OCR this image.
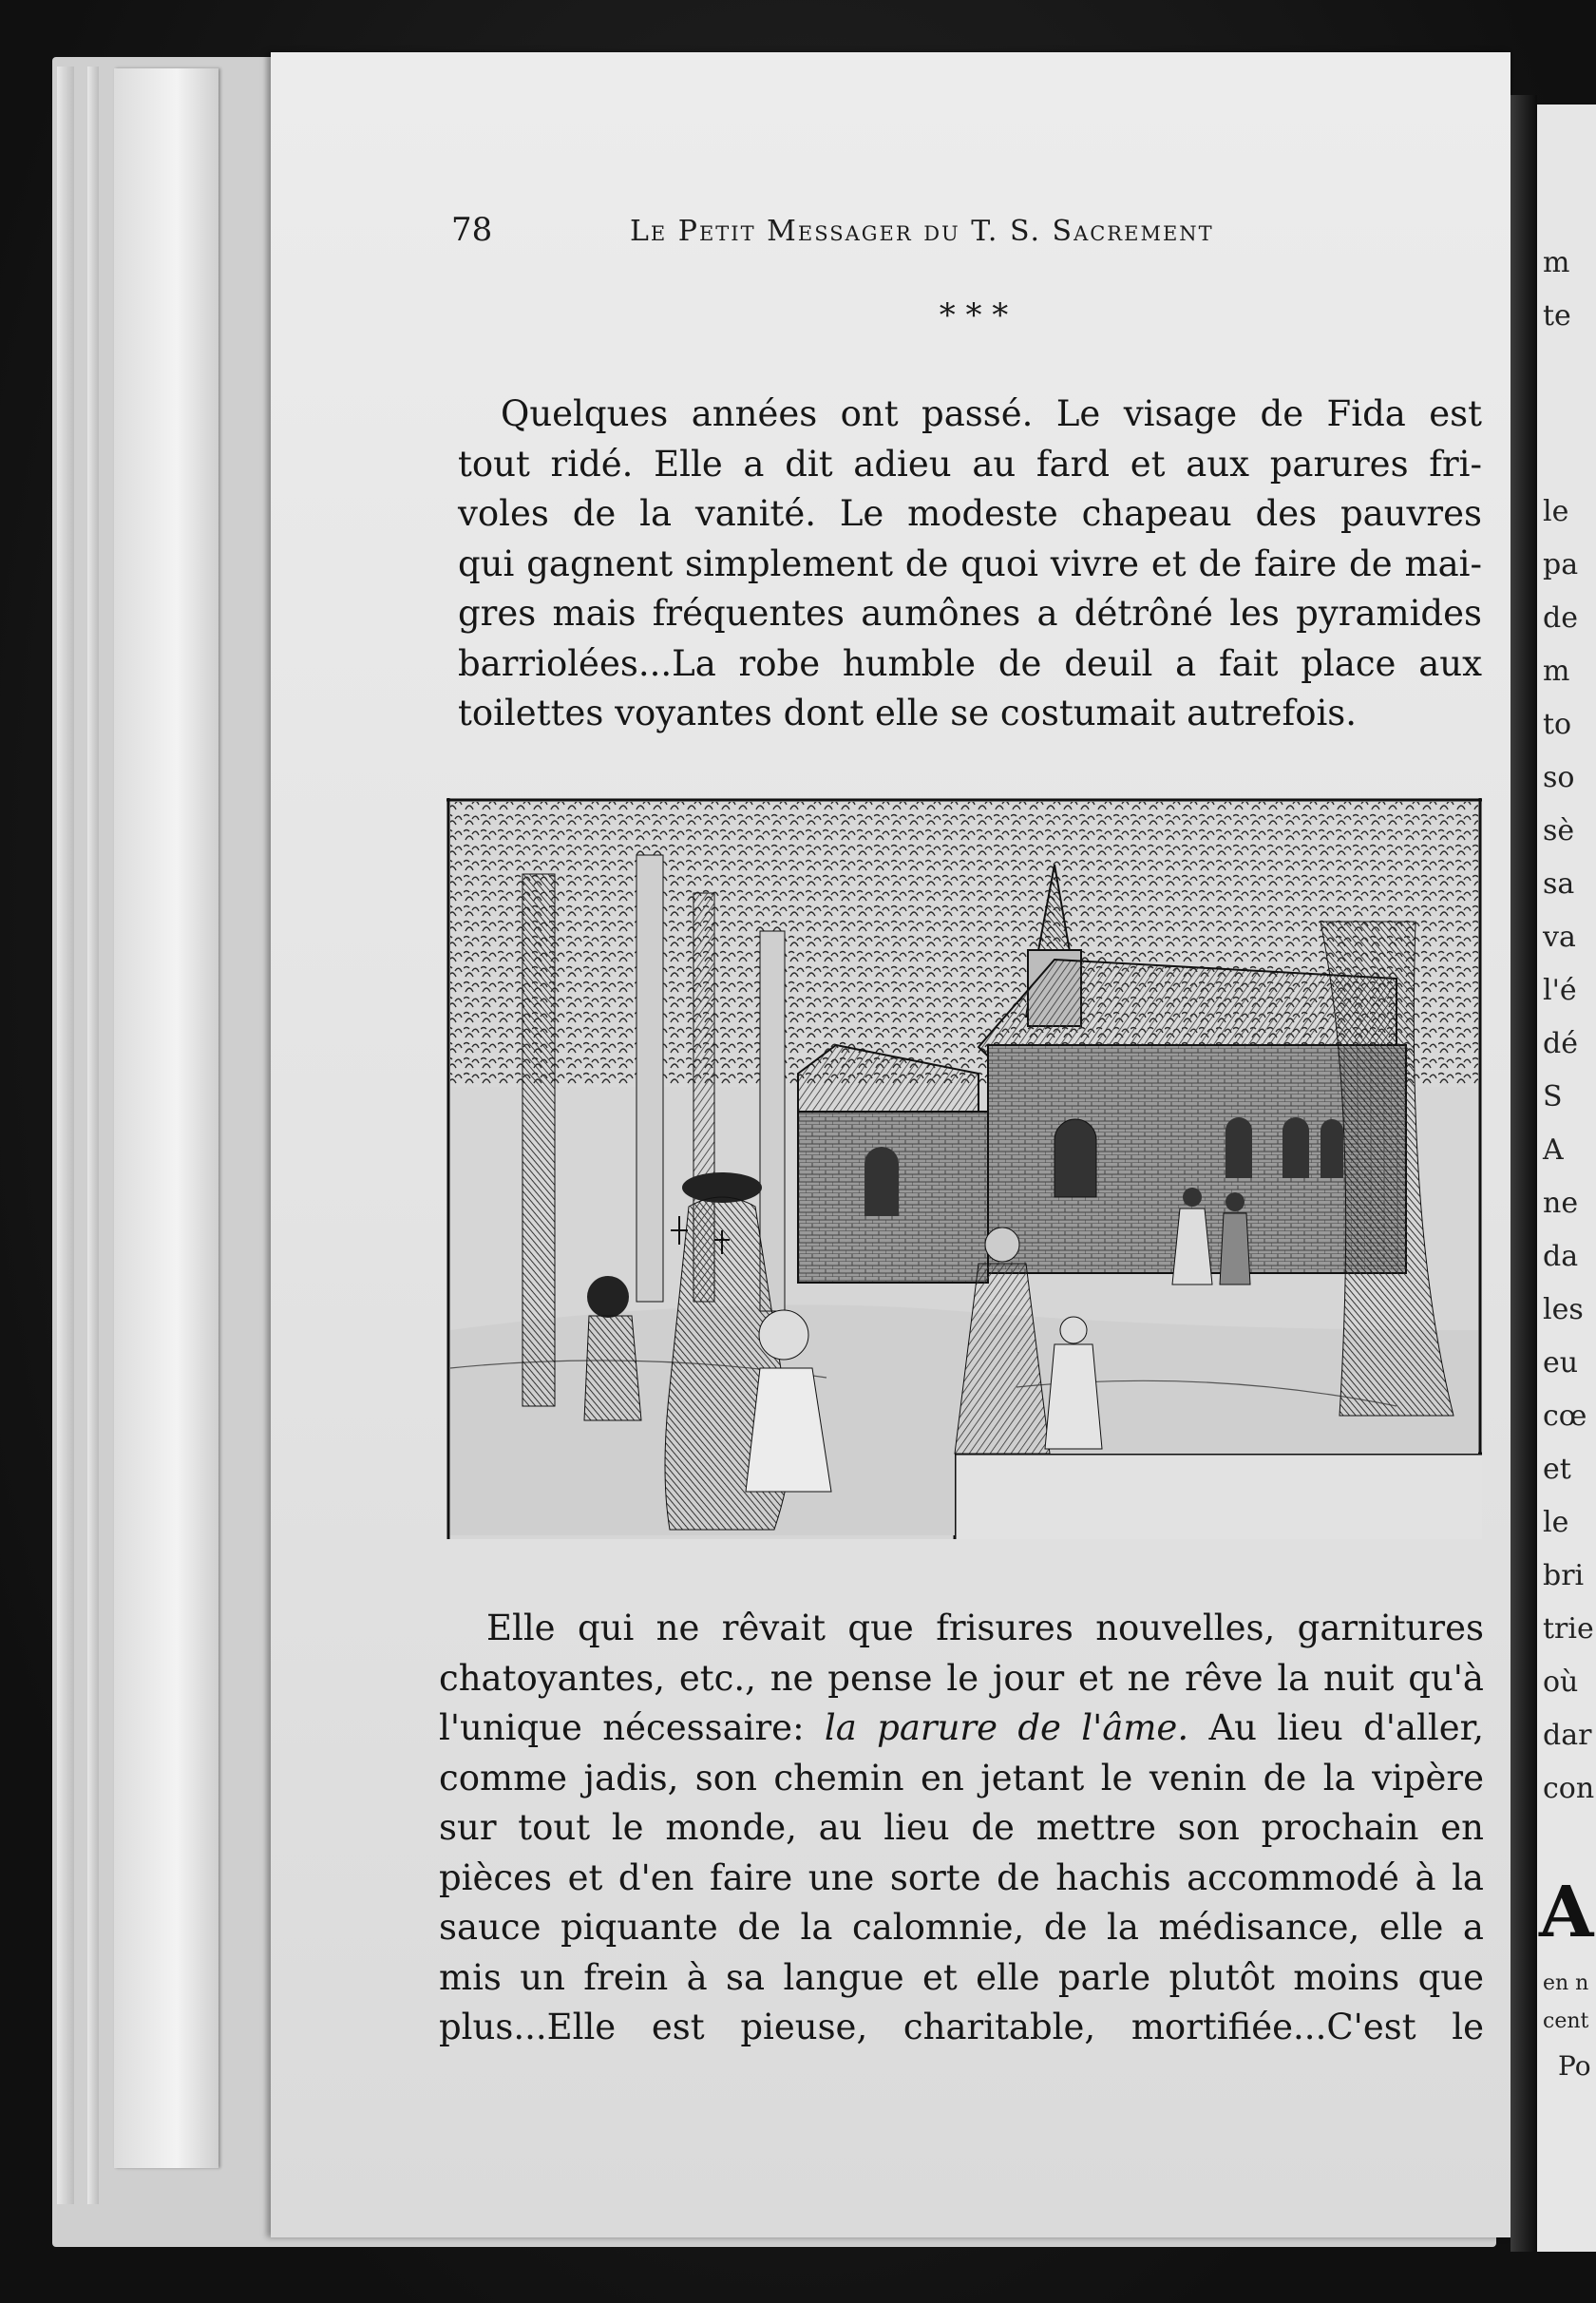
m
te
le
pa
de
m
to
so
sè
sa
va
l'é
dé
S
A
ne
da
les
eu
cœ
et
le
bri
trie
où
dar
con
A
en n
cent
Po
78	Le Petit Messager du T. S. Sacrement
* * *
Quelques années ont passé. Le visage de Fida est
tout ridé. Elle a dit adieu au fard et aux parures fri-
voles de la vanité. Le modeste chapeau des pauvres
qui gagnent simplement de quoi vivre et de faire de mai-
gres mais fréquentes aumônes a détrôné les pyramides
barriolées...La robe humble de deuil a fait place aux
toilettes voyantes dont elle se costumait autrefois.
Elle qui ne rêvait que frisures nouvelles, garnitures
chatoyantes, etc., ne pense le jour et ne rêve la nuit qu'à
l'unique nécessaire: la parure de l'âme. Au lieu d'aller,
comme jadis, son chemin en jetant le venin de la vipère
sur tout le monde, au lieu de mettre son prochain en
pièces et d'en faire une sorte de hachis accommodé à la
sauce piquante de la calomnie, de la médisance, elle a
mis un frein à sa langue et elle parle plutôt moins que
plus...Elle est pieuse, charitable, mortifiée...C'est le
